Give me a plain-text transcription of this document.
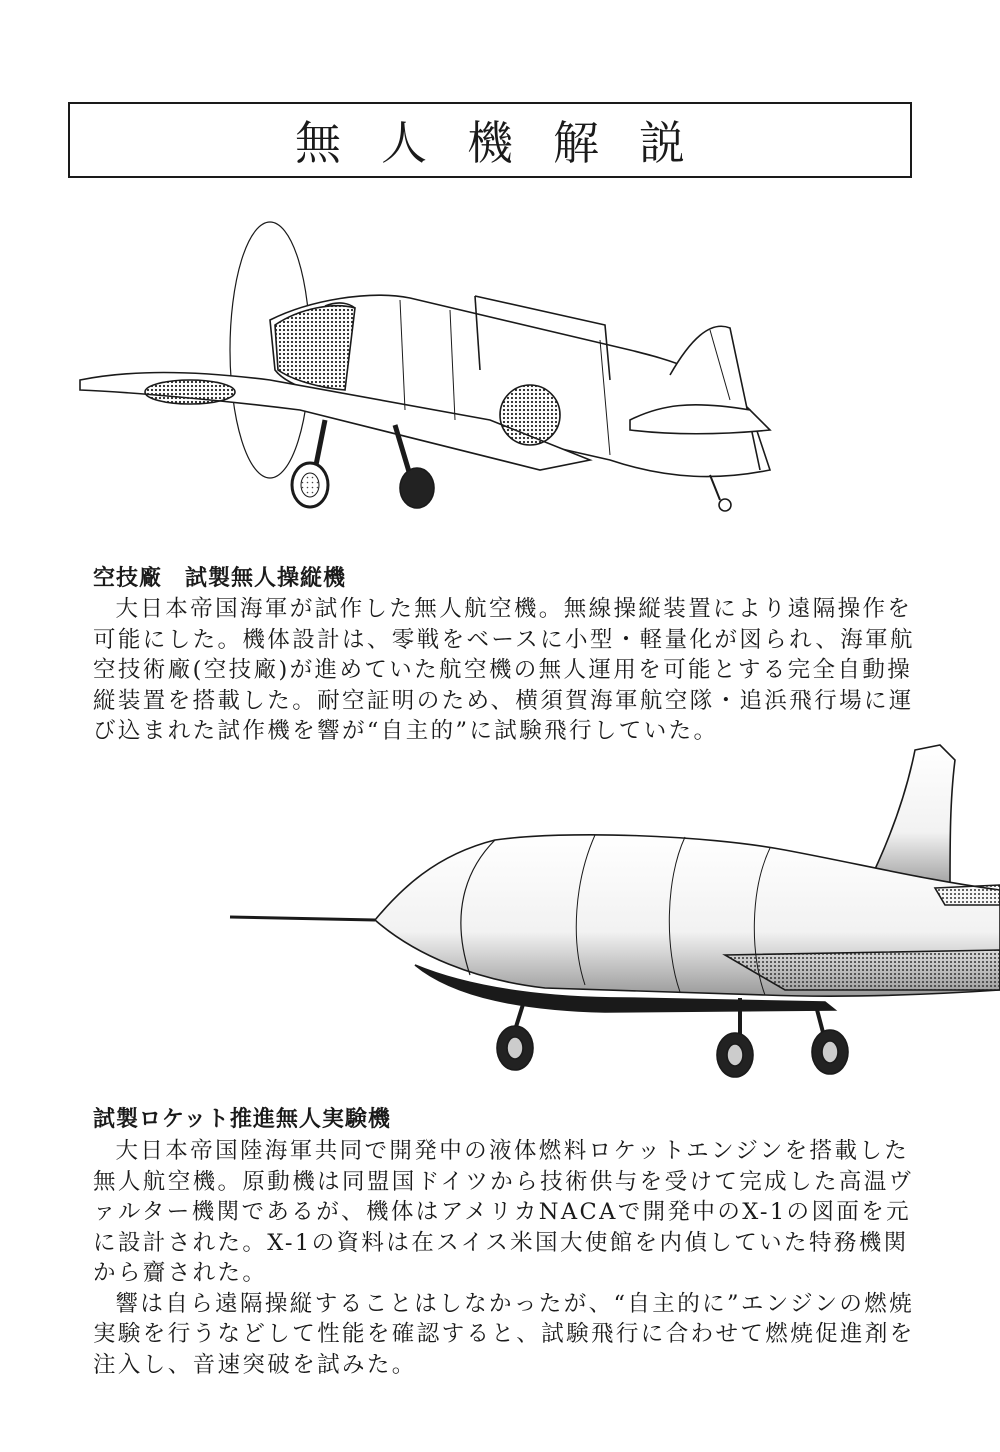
無人機解説
空技廠　試製無人操縦機

大日本帝国海軍が試作した無人航空機。無線操縦装置により遠隔操作を可能にした。機体設計は、零戦をベースに小型・軽量化が図られ、海軍航空技術廠(空技廠)が進めていた航空機の無人運用を可能とする完全自動操縦装置を搭載した。耐空証明のため、横須賀海軍航空隊・追浜飛行場に運び込まれた試作機を響が“自主的”に試験飛行していた。

試製ロケット推進無人実験機

大日本帝国陸海軍共同で開発中の液体燃料ロケットエンジンを搭載した無人航空機。原動機は同盟国ドイツから技術供与を受けて完成した高温ヴァルター機関であるが、機体はアメリカNACAで開発中のX-1の図面を元に設計された。X-1の資料は在スイス米国大使館を内偵していた特務機関から齎された。

響は自ら遠隔操縦することはしなかったが、“自主的に”エンジンの燃焼実験を行うなどして性能を確認すると、試験飛行に合わせて燃焼促進剤を注入し、音速突破を試みた。
